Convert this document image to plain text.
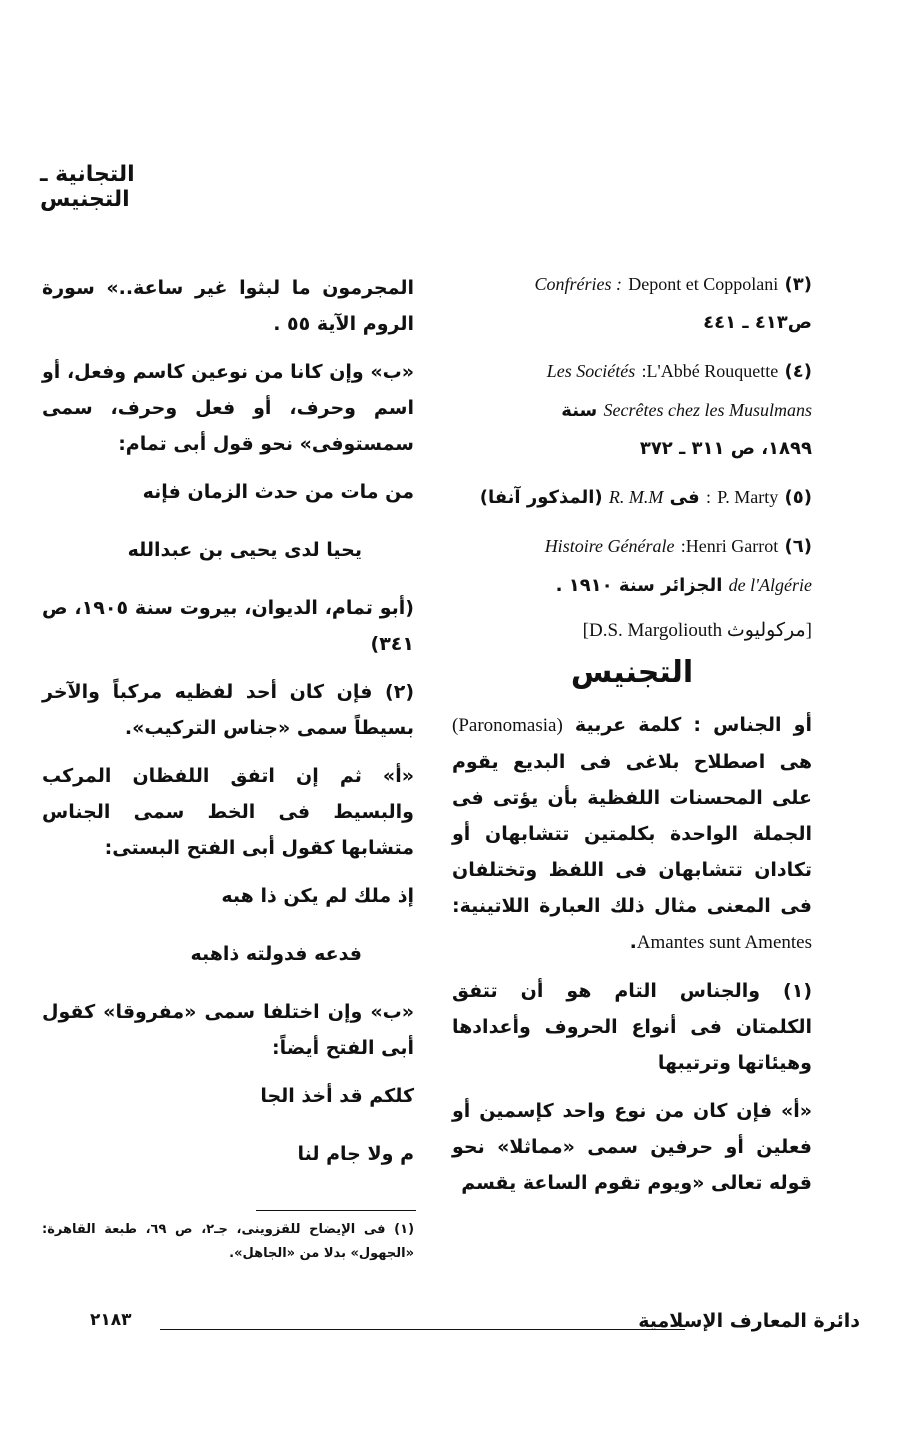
التجانية ـ التجنيس

المجرمون ما لبثوا غير ساعة..» سورة الروم الآية ٥٥ .

«ب» وإن كانا من نوعين كاسم وفعل، أو اسم وحرف، أو فعل وحرف، سمى سمستوفى» نحو قول أبى تمام:

من مات من حدث الزمان فإنه

يحيا لدى يحيى بن عبدالله

(أبو تمام، الديوان، بيروت سنة ١٩٠٥، ص ٣٤١)

(٢) فإن كان أحد لفظيه مركباً والآخر بسيطاً سمى «جناس التركيب».

«أ» ثم إن اتفق اللفظان المركب والبسيط فى الخط سمى الجناس متشابها كقول أبى الفتح البستى:

إذ ملك لم يكن ذا هبه

فدعه فدولته ذاهبه

«ب» وإن اختلفا سمى «مفروقا» كقول أبى الفتح أيضاً:

كلكم قد أخذ الجا

م ولا جام لنا

(١) فى الإيضاح للقزوينى، جـ٢، ص ٦٩، طبعة القاهرة: «الجهول» بدلا من «الجاهل».

(٣) Depont et Coppolani Confréries :
ص٤١٣ ـ ٤٤١

(٤) :L'Abbé Rouquette Les Sociétés
Secrêtes chez les Musulmans سنة
١٨٩٩، ص ٣١١ ـ ٣٧٢

(٥) P. Marty : فى R. M.M (المذكور آنفا)

(٦) :Henri Garrot Histoire Générale
de l'Algérie الجزائر سنة ١٩١٠ .

[مركوليوث D.S. Margoliouth]

التجنيس

أو الجناس : كلمة عربية (Paronomasia) هى اصطلاح بلاغى فى البديع يقوم على المحسنات اللفظية بأن يؤتى فى الجملة الواحدة بكلمتين تتشابهان أو تكادان تتشابهان فى اللفظ وتختلفان فى المعنى مثال ذلك العبارة اللاتينية: Amantes sunt Amentes.

(١) والجناس التام هو أن تتفق الكلمتان فى أنواع الحروف وأعدادها وهيئاتها وترتيبها

«أ» فإن كان من نوع واحد كإسمين أو فعلين أو حرفين سمى «مماثلا» نحو قوله تعالى «ويوم تقوم الساعة يقسم

٢١٨٣	دائرة المعارف الإسلامية
